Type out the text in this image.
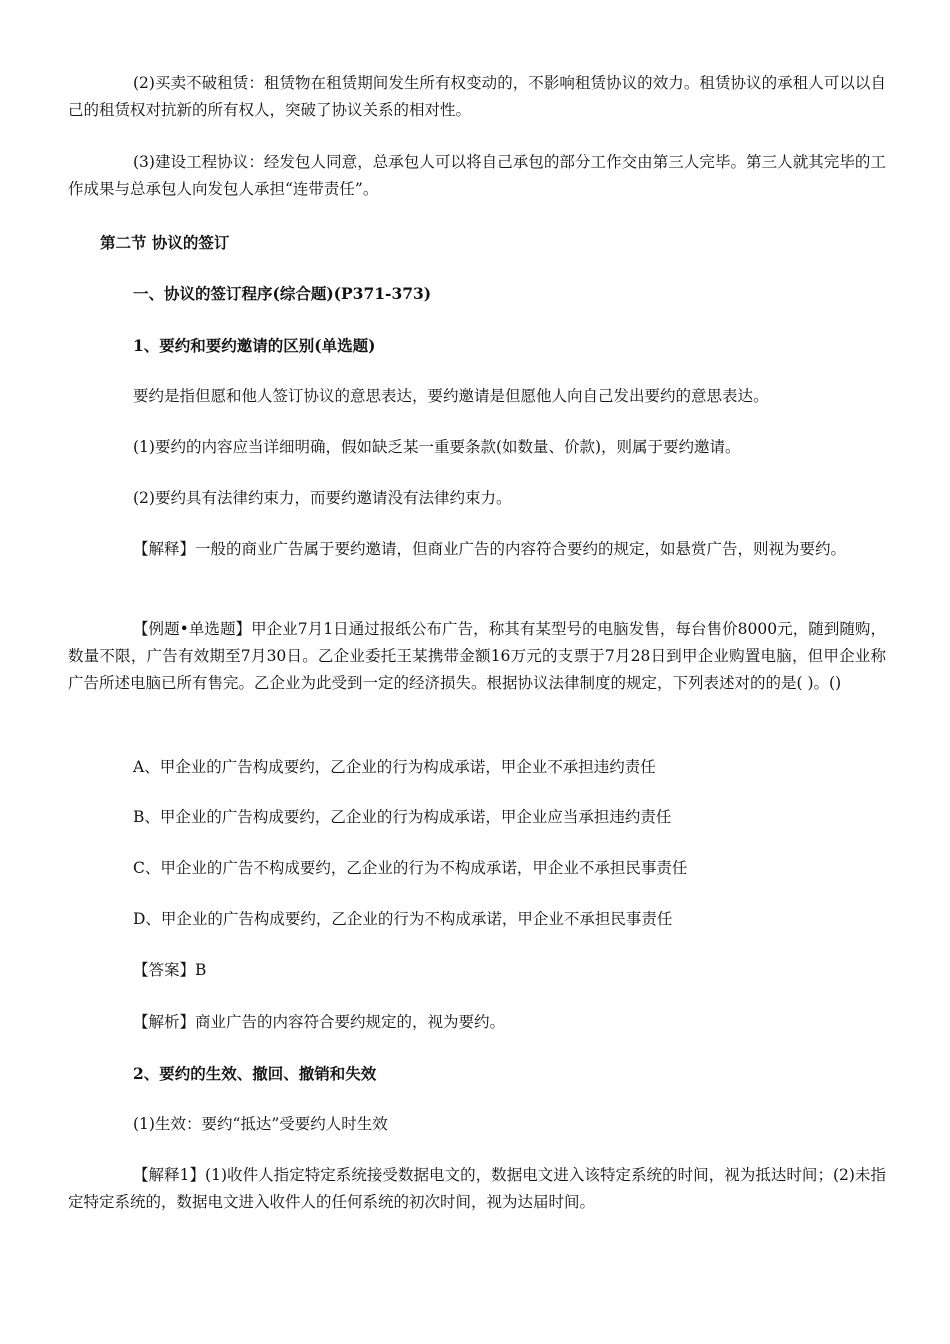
(2)买卖不破租赁：租赁物在租赁期间发生所有权变动的，不影响租赁协议的效力。租赁协议的承租人可以以自己的租赁权对抗新的所有权人，突破了协议关系的相对性。

(3)建设工程协议：经发包人同意，总承包人可以将自己承包的部分工作交由第三人完毕。第三人就其完毕的工作成果与总承包人向发包人承担“连带责任”。

第二节 协议的签订

一、协议的签订程序(综合题)(P371-373)

1、要约和要约邀请的区别(单选题)

要约是指但愿和他人签订协议的意思表达，要约邀请是但愿他人向自己发出要约的意思表达。

(1)要约的内容应当详细明确，假如缺乏某一重要条款(如数量、价款)，则属于要约邀请。

(2)要约具有法律约束力，而要约邀请没有法律约束力。

【解释】一般的商业广告属于要约邀请，但商业广告的内容符合要约的规定，如悬赏广告，则视为要约。

【例题•单选题】甲企业7月1日通过报纸公布广告，称其有某型号的电脑发售，每台售价8000元，随到随购，数量不限，广告有效期至7月30日。乙企业委托王某携带金额16万元的支票于7月28日到甲企业购置电脑，但甲企业称广告所述电脑已所有售完。乙企业为此受到一定的经济损失。根据协议法律制度的规定，下列表述对的的是( )。()

A、甲企业的广告构成要约，乙企业的行为构成承诺，甲企业不承担违约责任

B、甲企业的广告构成要约，乙企业的行为构成承诺，甲企业应当承担违约责任

C、甲企业的广告不构成要约，乙企业的行为不构成承诺，甲企业不承担民事责任

D、甲企业的广告构成要约，乙企业的行为不构成承诺，甲企业不承担民事责任

【答案】B

【解析】商业广告的内容符合要约规定的，视为要约。

2、要约的生效、撤回、撤销和失效

(1)生效：要约“抵达”受要约人时生效

【解释1】(1)收件人指定特定系统接受数据电文的，数据电文进入该特定系统的时间，视为抵达时间；(2)未指定特定系统的，数据电文进入收件人的任何系统的初次时间，视为达届时间。
